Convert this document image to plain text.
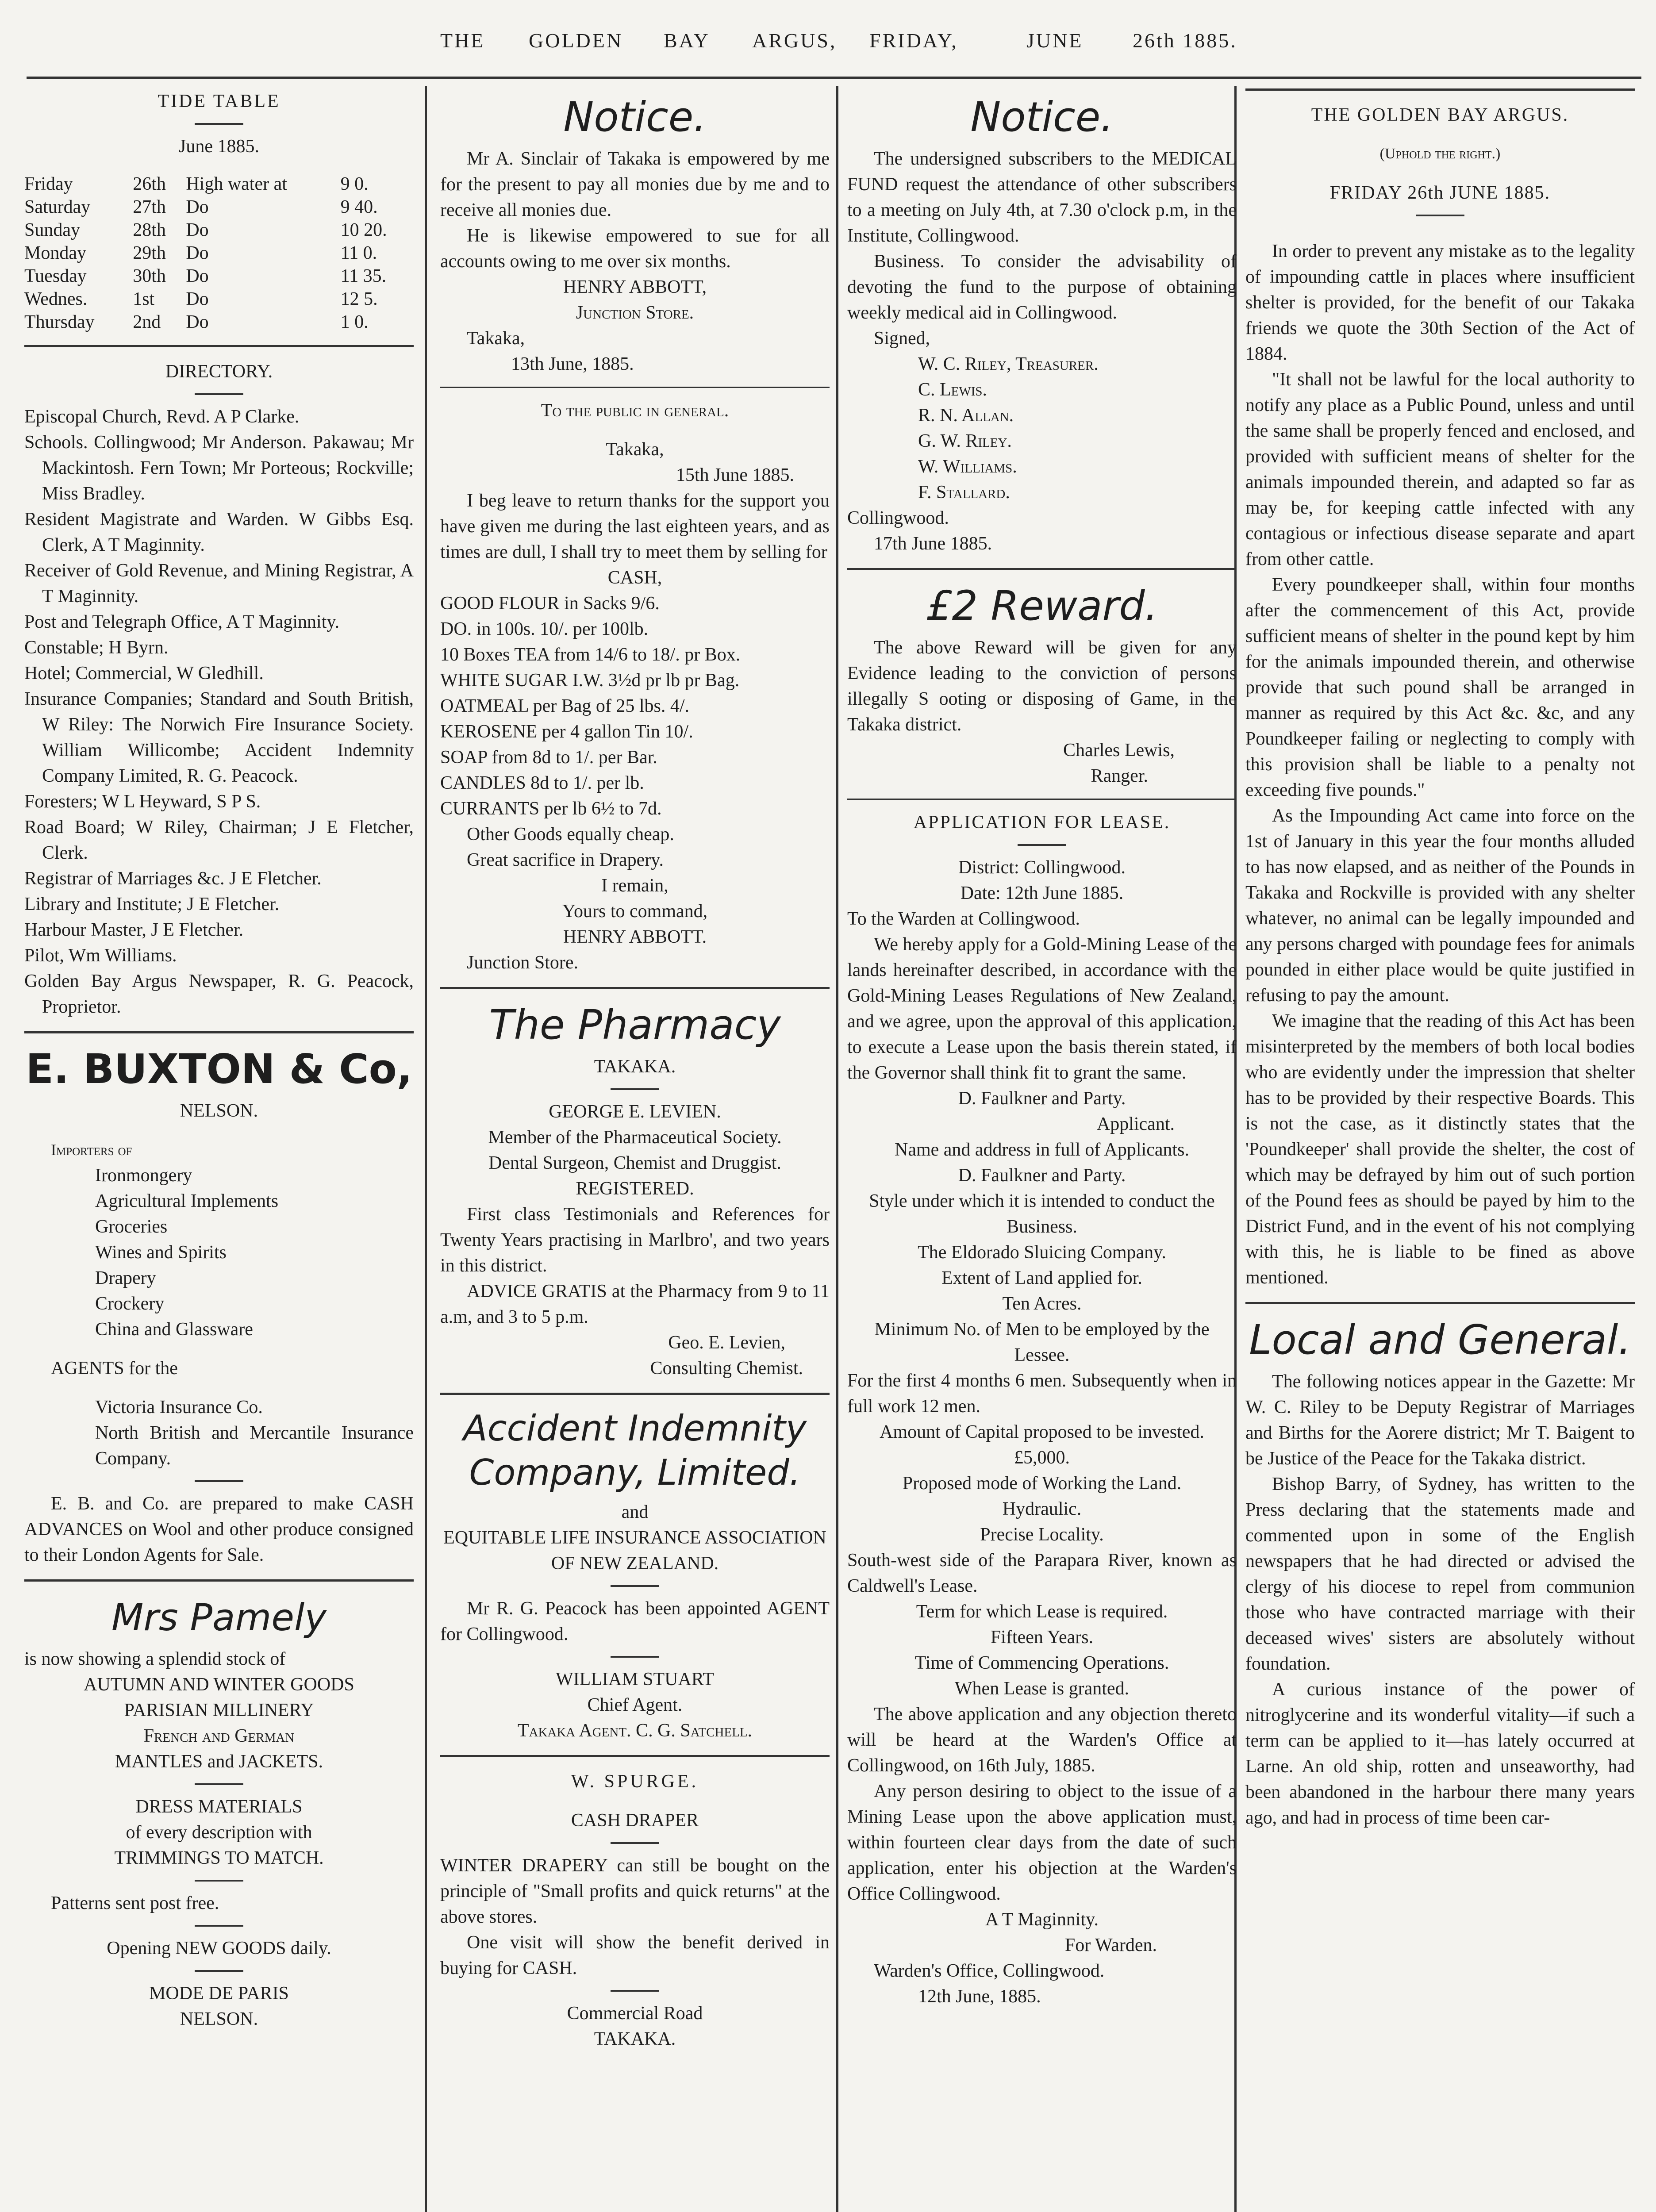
THE GOLDEN BAY ARGUS, FRIDAY,	JUNE 26th 1885.

TIDE TABLE

June 1885.

Friday	26th	High water at	9 0.
Saturday	27th	Do	9 40.
Sunday	28th	Do	10 20.
Monday	29th	Do	11 0.
Tuesday	30th	Do	11 35.
Wednes.	1st	Do	12 5.
Thursday	2nd	Do	1 0.

DIRECTORY.

Episcopal Church, Revd. A P Clarke.

Schools. Collingwood; Mr Anderson. Pakawau; Mr Mackintosh. Fern Town; Mr Porteous; Rockville; Miss Bradley.

Resident Magistrate and Warden. W Gibbs Esq. Clerk, A T Maginnity.

Receiver of Gold Revenue, and Mining Registrar, A T Maginnity.

Post and Telegraph Office, A T Maginnity.

Constable; H Byrn.

Hotel; Commercial, W Gledhill.

Insurance Companies; Standard and South British, W Riley: The Norwich Fire Insurance Society. William Willicombe; Accident Indemnity Company Limited, R. G. Peacock.

Foresters; W L Heyward, S P S.

Road Board; W Riley, Chairman; J E Fletcher, Clerk.

Registrar of Marriages &c. J E Fletcher.

Library and Institute; J E Fletcher.

Harbour Master, J E Fletcher.

Pilot, Wm Williams.

Golden Bay Argus Newspaper, R. G. Peacock, Proprietor.

E. BUXTON & Co,

NELSON.

Importers of

Ironmongery

Agricultural Implements

Groceries

Wines and Spirits

Drapery

Crockery

China and Glassware

AGENTS for the

Victoria Insurance Co.

North British and Mercantile Insurance Company.

E. B. and Co. are prepared to make CASH ADVANCES on Wool and other produce consigned to their London Agents for Sale.

Mrs Pamely

is now showing a splendid stock of

AUTUMN AND WINTER GOODS

PARISIAN MILLINERY

French and German

MANTLES and JACKETS.

DRESS MATERIALS

of every description with

TRIMMINGS TO MATCH.

Patterns sent post free.

Opening NEW GOODS daily.

MODE DE PARIS

NELSON.

Notice.

Mr A. Sinclair of Takaka is empowered by me for the present to pay all monies due by me and to receive all monies due.

He is likewise empowered to sue for all accounts owing to me over six months.

HENRY ABBOTT,

Junction Store.

Takaka,

13th June, 1885.

To the public in general.

Takaka,

15th June 1885.

I beg leave to return thanks for the support you have given me during the last eighteen years, and as times are dull, I shall try to meet them by selling for

CASH,

GOOD FLOUR in Sacks 9/6.

DO. in 100s. 10/. per 100lb.

10 Boxes TEA from 14/6 to 18/. pr Box.

WHITE SUGAR I.W. 3½d pr lb pr Bag.

OATMEAL per Bag of 25 lbs. 4/.

KEROSENE per 4 gallon Tin 10/.

SOAP from 8d to 1/. per Bar.

CANDLES 8d to 1/. per lb.

CURRANTS per lb 6½ to 7d.

Other Goods equally cheap.

Great sacrifice in Drapery.

I remain,

Yours to command,

HENRY ABBOTT.

Junction Store.

The Pharmacy

TAKAKA.

GEORGE E. LEVIEN.

Member of the Pharmaceutical Society.

Dental Surgeon, Chemist and Druggist.

REGISTERED.

First class Testimonials and References for Twenty Years practising in Marlbro', and two years in this district.

ADVICE GRATIS at the Pharmacy from 9 to 11 a.m, and 3 to 5 p.m.

Geo. E. Levien,

Consulting Chemist.

Accident Indemnity Company, Limited.

and

EQUITABLE LIFE INSURANCE ASSOCIATION OF NEW ZEALAND.

Mr R. G. Peacock has been appointed AGENT for Collingwood.

WILLIAM STUART

Chief Agent.

Takaka Agent. C. G. Satchell.

W. SPURGE.

CASH DRAPER

WINTER DRAPERY can still be bought on the principle of "Small profits and quick returns" at the above stores.

One visit will show the benefit derived in buying for CASH.

Commercial Road

TAKAKA.

Notice.

The undersigned subscribers to the MEDICAL FUND request the attendance of other subscribers to a meeting on July 4th, at 7.30 o'clock p.m, in the Institute, Collingwood.

Business. To consider the advisability of devoting the fund to the purpose of obtaining weekly medical aid in Collingwood.

Signed,

W. C. Riley, Treasurer.

C. Lewis.

R. N. Allan.

G. W. Riley.

W. Williams.

F. Stallard.

Collingwood.

17th June 1885.

£2 Reward.

The above Reward will be given for any Evidence leading to the conviction of persons illegally S ooting or disposing of Game, in the Takaka district.

Charles Lewis,

Ranger.

APPLICATION FOR LEASE.

District: Collingwood.

Date: 12th June 1885.

To the Warden at Collingwood.

We hereby apply for a Gold-Mining Lease of the lands hereinafter described, in accordance with the Gold-Mining Leases Regulations of New Zealand, and we agree, upon the approval of this application, to execute a Lease upon the basis therein stated, if the Governor shall think fit to grant the same.

D. Faulkner and Party.

Applicant.

Name and address in full of Applicants.

D. Faulkner and Party.

Style under which it is intended to conduct the Business.

The Eldorado Sluicing Company.

Extent of Land applied for.

Ten Acres.

Minimum No. of Men to be employed by the Lessee.

For the first 4 months 6 men. Subsequently when in full work 12 men.

Amount of Capital proposed to be invested.

£5,000.

Proposed mode of Working the Land.

Hydraulic.

Precise Locality.

South-west side of the Parapara River, known as Caldwell's Lease.

Term for which Lease is required.

Fifteen Years.

Time of Commencing Operations.

When Lease is granted.

The above application and any objection thereto will be heard at the Warden's Office at Collingwood, on 16th July, 1885.

Any person desiring to object to the issue of a Mining Lease upon the above application must, within fourteen clear days from the date of such application, enter his objection at the Warden's Office Collingwood.

A T Maginnity.

For Warden.

Warden's Office, Collingwood.

12th June, 1885.

THE GOLDEN BAY ARGUS.

(Uphold the right.)

FRIDAY 26th JUNE 1885.

In order to prevent any mistake as to the legality of impounding cattle in places where insufficient shelter is provided, for the benefit of our Takaka friends we quote the 30th Section of the Act of 1884.

"It shall not be lawful for the local authority to notify any place as a Public Pound, unless and until the same shall be properly fenced and enclosed, and provided with sufficient means of shelter for the animals impounded therein, and adapted so far as may be, for keeping cattle infected with any contagious or infectious disease separate and apart from other cattle.

Every poundkeeper shall, within four months after the commencement of this Act, provide sufficient means of shelter in the pound kept by him for the animals impounded therein, and otherwise provide that such pound shall be arranged in manner as required by this Act &c. &c, and any Poundkeeper failing or neglecting to comply with this provision shall be liable to a penalty not exceeding five pounds."

As the Impounding Act came into force on the 1st of January in this year the four months alluded to has now elapsed, and as neither of the Pounds in Takaka and Rockville is provided with any shelter whatever, no animal can be legally impounded and any persons charged with poundage fees for animals pounded in either place would be quite justified in refusing to pay the amount.

We imagine that the reading of this Act has been misinterpreted by the members of both local bodies who are evidently under the impression that shelter has to be provided by their respective Boards. This is not the case, as it distinctly states that the 'Poundkeeper' shall provide the shelter, the cost of which may be defrayed by him out of such portion of the Pound fees as should be payed by him to the District Fund, and in the event of his not complying with this, he is liable to be fined as above mentioned.

Local and General.

The following notices appear in the Gazette: Mr W. C. Riley to be Deputy Registrar of Marriages and Births for the Aorere district; Mr T. Baigent to be Justice of the Peace for the Takaka district.

Bishop Barry, of Sydney, has written to the Press declaring that the statements made and commented upon in some of the English newspapers that he had directed or advised the clergy of his diocese to repel from communion those who have contracted marriage with their deceased wives' sisters are absolutely without foundation.

A curious instance of the power of nitroglycerine and its wonderful vitality—if such a term can be applied to it—has lately occurred at Larne. An old ship, rotten and unseaworthy, had been abandoned in the harbour there many years ago, and had in process of time been car-
